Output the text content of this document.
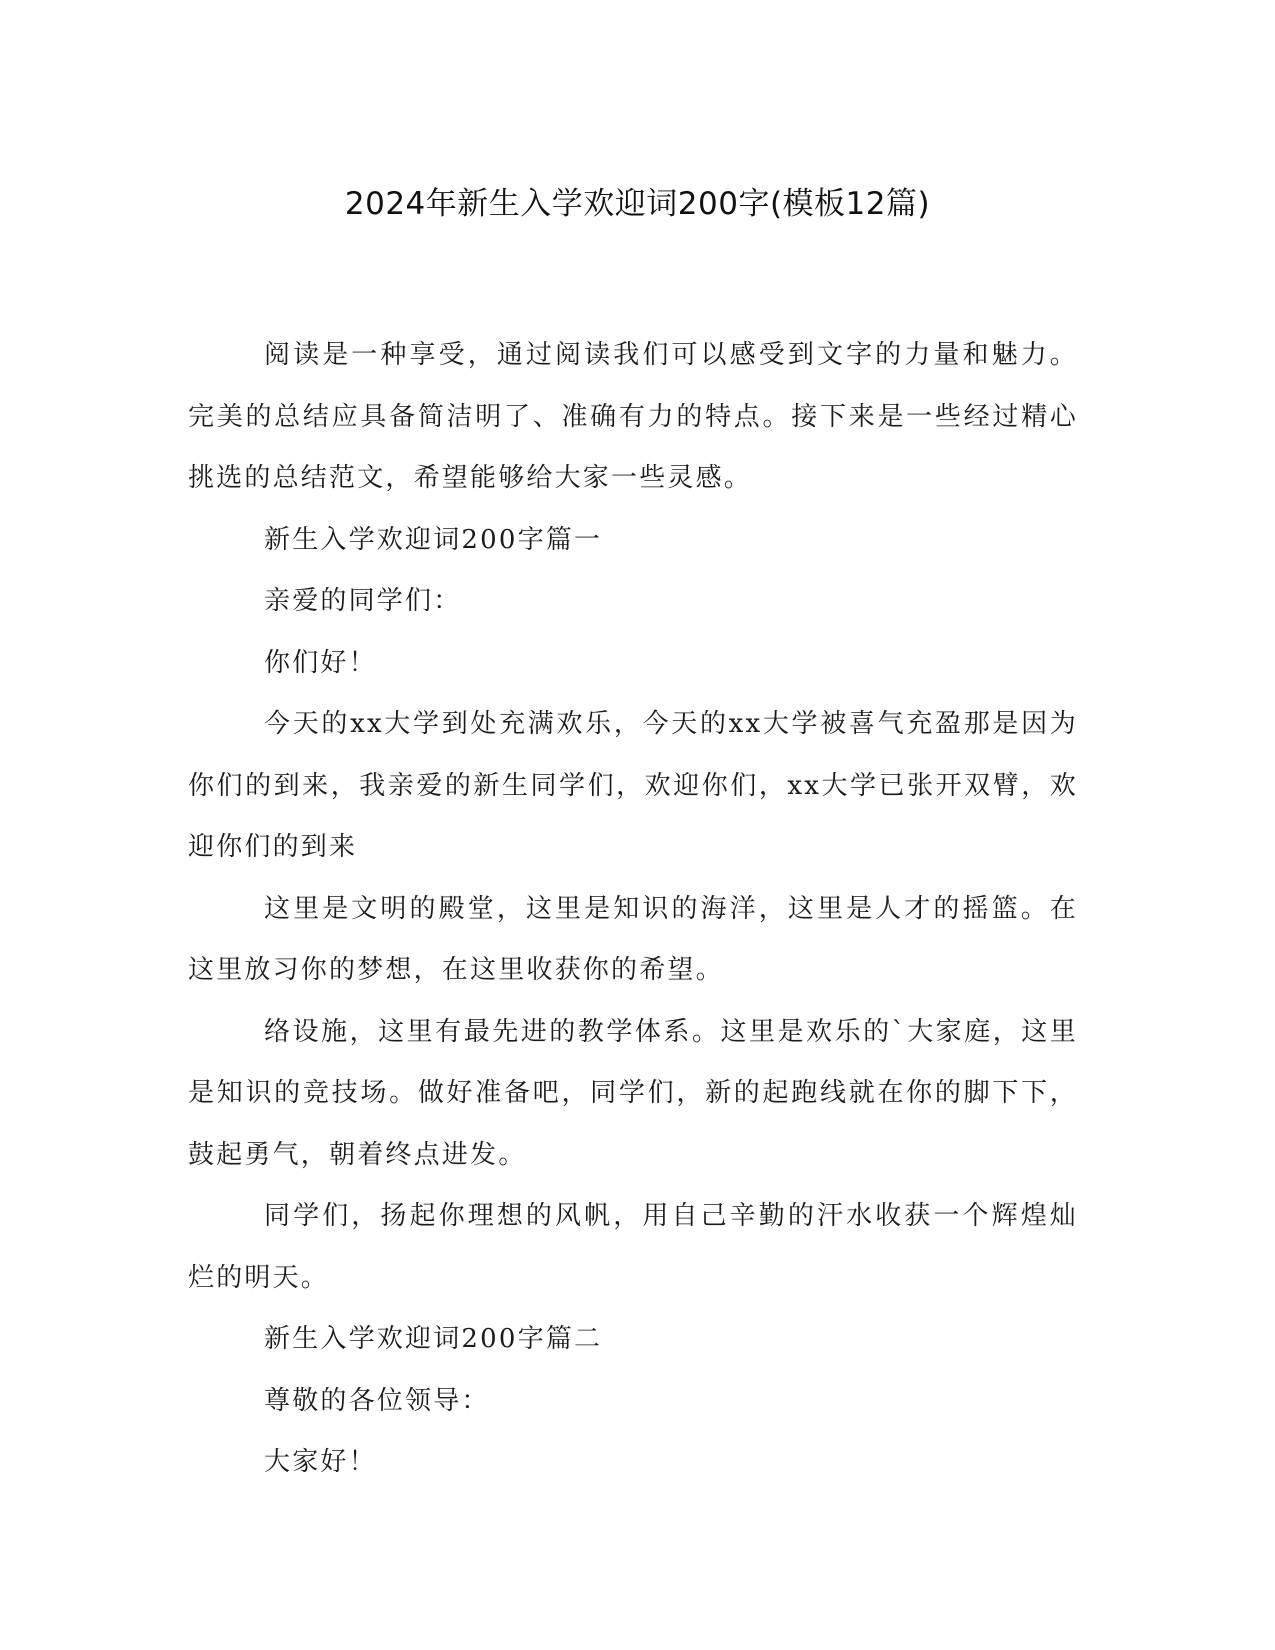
2024年新生入学欢迎词200字(模板12篇)

阅读是一种享受，通过阅读我们可以感受到文字的力量和魅力。完美的总结应具备简洁明了、准确有力的特点。接下来是一些经过精心挑选的总结范文，希望能够给大家一些灵感。

新生入学欢迎词200字篇一

亲爱的同学们：

你们好！

今天的xx大学到处充满欢乐，今天的xx大学被喜气充盈那是因为你们的到来，我亲爱的新生同学们，欢迎你们，xx大学已张开双臂，欢迎你们的到来

这里是文明的殿堂，这里是知识的海洋，这里是人才的摇篮。在这里放习你的梦想，在这里收获你的希望。

络设施，这里有最先进的教学体系。这里是欢乐的`大家庭，这里是知识的竞技场。做好准备吧，同学们，新的起跑线就在你的脚下下，鼓起勇气，朝着终点进发。

同学们，扬起你理想的风帆，用自己辛勤的汗水收获一个辉煌灿烂的明天。

新生入学欢迎词200字篇二

尊敬的各位领导：

大家好！
